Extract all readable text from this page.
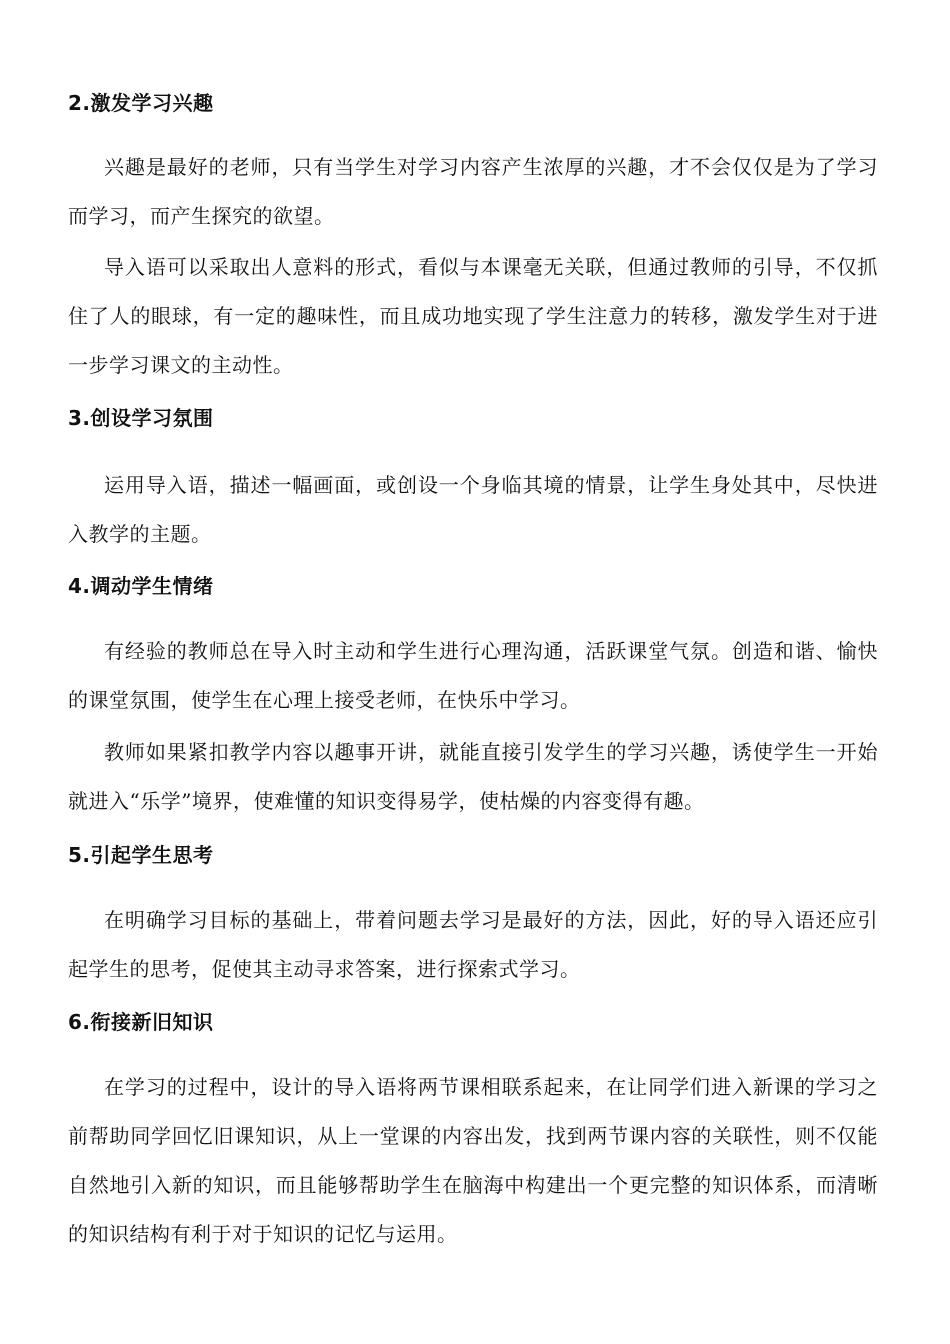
2.激发学习兴趣
兴趣是最好的老师，只有当学生对学习内容产生浓厚的兴趣，才不会仅仅是为了学习而学习，而产生探究的欲望。
导入语可以采取出人意料的形式，看似与本课毫无关联，但通过教师的引导，不仅抓住了人的眼球，有一定的趣味性，而且成功地实现了学生注意力的转移，激发学生对于进一步学习课文的主动性。
3.创设学习氛围
运用导入语，描述一幅画面，或创设一个身临其境的情景，让学生身处其中，尽快进入教学的主题。
4.调动学生情绪
有经验的教师总在导入时主动和学生进行心理沟通，活跃课堂气氛。创造和谐、愉快的课堂氛围，使学生在心理上接受老师，在快乐中学习。
教师如果紧扣教学内容以趣事开讲，就能直接引发学生的学习兴趣，诱使学生一开始就进入“乐学”境界，使难懂的知识变得易学，使枯燥的内容变得有趣。
5.引起学生思考
在明确学习目标的基础上，带着问题去学习是最好的方法，因此，好的导入语还应引起学生的思考，促使其主动寻求答案，进行探索式学习。
6.衔接新旧知识
在学习的过程中，设计的导入语将两节课相联系起来，在让同学们进入新课的学习之前帮助同学回忆旧课知识，从上一堂课的内容出发，找到两节课内容的关联性，则不仅能自然地引入新的知识，而且能够帮助学生在脑海中构建出一个更完整的知识体系，而清晰的知识结构有利于对于知识的记忆与运用。
